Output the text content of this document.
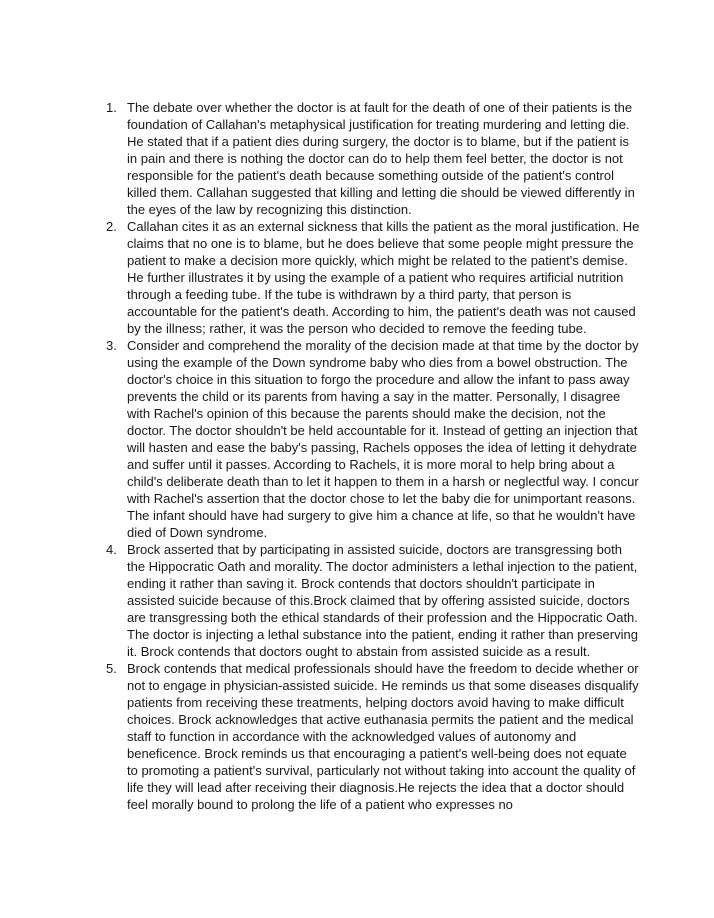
1. The debate over whether the doctor is at fault for the death of one of their patients is the foundation of Callahan's metaphysical justification for treating murdering and letting die. He stated that if a patient dies during surgery, the doctor is to blame, but if the patient is in pain and there is nothing the doctor can do to help them feel better, the doctor is not responsible for the patient's death because something outside of the patient's control killed them. Callahan suggested that killing and letting die should be viewed differently in the eyes of the law by recognizing this distinction.
2. Callahan cites it as an external sickness that kills the patient as the moral justification. He claims that no one is to blame, but he does believe that some people might pressure the patient to make a decision more quickly, which might be related to the patient's demise. He further illustrates it by using the example of a patient who requires artificial nutrition through a feeding tube. If the tube is withdrawn by a third party, that person is accountable for the patient's death. According to him, the patient's death was not caused by the illness; rather, it was the person who decided to remove the feeding tube.
3. Consider and comprehend the morality of the decision made at that time by the doctor by using the example of the Down syndrome baby who dies from a bowel obstruction. The doctor's choice in this situation to forgo the procedure and allow the infant to pass away prevents the child or its parents from having a say in the matter. Personally, I disagree with Rachel's opinion of this because the parents should make the decision, not the doctor. The doctor shouldn't be held accountable for it. Instead of getting an injection that will hasten and ease the baby's passing, Rachels opposes the idea of letting it dehydrate and suffer until it passes. According to Rachels, it is more moral to help bring about a child's deliberate death than to let it happen to them in a harsh or neglectful way. I concur with Rachel's assertion that the doctor chose to let the baby die for unimportant reasons. The infant should have had surgery to give him a chance at life, so that he wouldn't have died of Down syndrome.
4. Brock asserted that by participating in assisted suicide, doctors are transgressing both the Hippocratic Oath and morality. The doctor administers a lethal injection to the patient, ending it rather than saving it. Brock contends that doctors shouldn't participate in assisted suicide because of this.Brock claimed that by offering assisted suicide, doctors are transgressing both the ethical standards of their profession and the Hippocratic Oath. The doctor is injecting a lethal substance into the patient, ending it rather than preserving it. Brock contends that doctors ought to abstain from assisted suicide as a result.
5. Brock contends that medical professionals should have the freedom to decide whether or not to engage in physician-assisted suicide. He reminds us that some diseases disqualify patients from receiving these treatments, helping doctors avoid having to make difficult choices. Brock acknowledges that active euthanasia permits the patient and the medical staff to function in accordance with the acknowledged values of autonomy and beneficence. Brock reminds us that encouraging a patient's well-being does not equate to promoting a patient's survival, particularly not without taking into account the quality of life they will lead after receiving their diagnosis.He rejects the idea that a doctor should feel morally bound to prolong the life of a patient who expresses no
